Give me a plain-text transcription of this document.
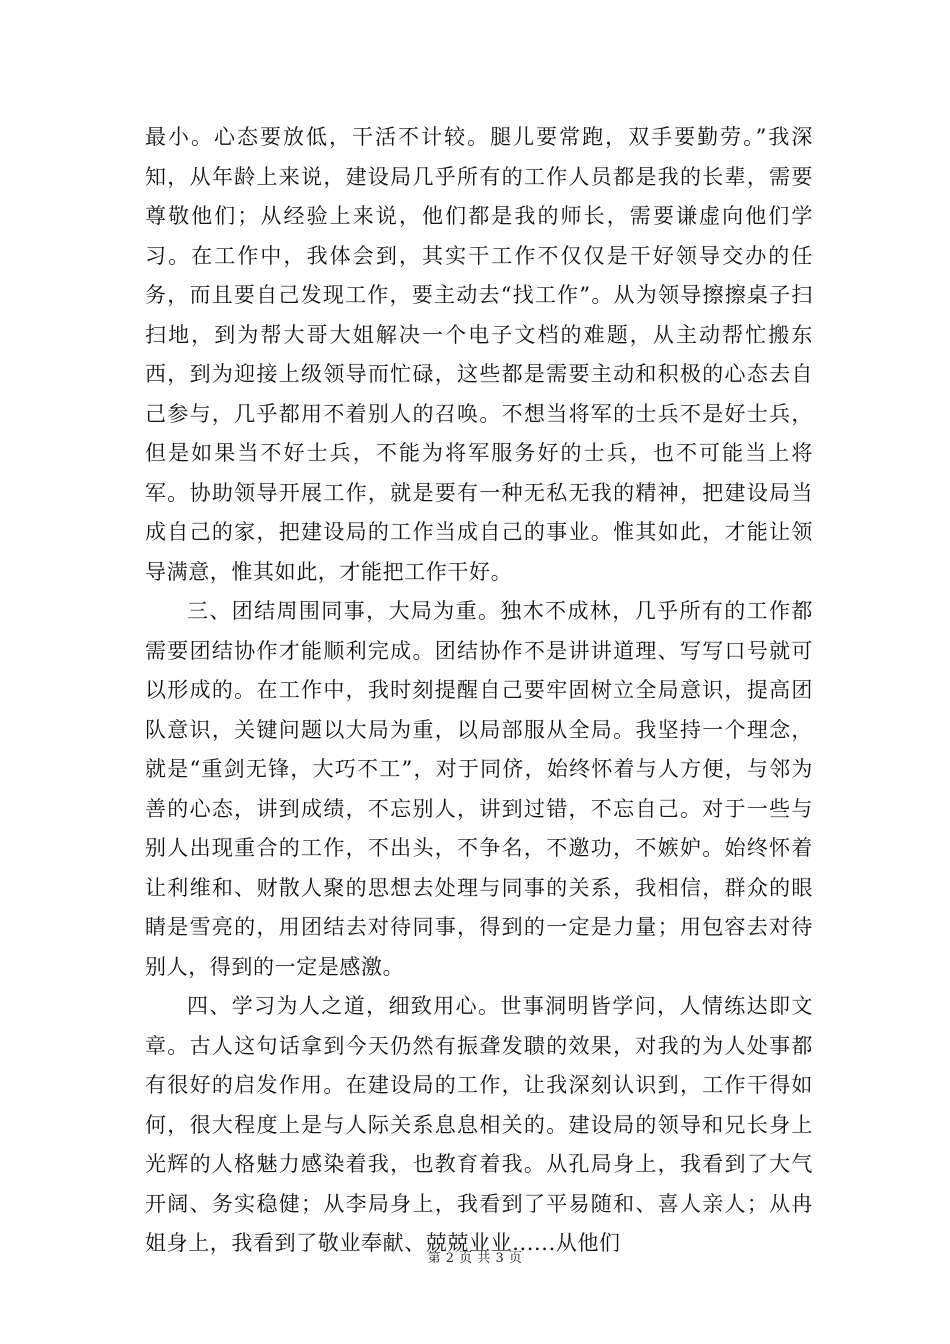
最小。心态要放低，干活不计较。腿儿要常跑，双手要勤劳。”我深知，从年龄上来说，建设局几乎所有的工作人员都是我的长辈，需要尊敬他们；从经验上来说，他们都是我的师长，需要谦虚向他们学习。在工作中，我体会到，其实干工作不仅仅是干好领导交办的任务，而且要自己发现工作，要主动去“找工作”。从为领导擦擦桌子扫扫地，到为帮大哥大姐解决一个电子文档的难题，从主动帮忙搬东西，到为迎接上级领导而忙碌，这些都是需要主动和积极的心态去自己参与，几乎都用不着别人的召唤。不想当将军的士兵不是好士兵，但是如果当不好士兵，不能为将军服务好的士兵，也不可能当上将军。协助领导开展工作，就是要有一种无私无我的精神，把建设局当成自己的家，把建设局的工作当成自己的事业。惟其如此，才能让领导满意，惟其如此，才能把工作干好。

三、团结周围同事，大局为重。独木不成林，几乎所有的工作都需要团结协作才能顺利完成。团结协作不是讲讲道理、写写口号就可以形成的。在工作中，我时刻提醒自己要牢固树立全局意识，提高团队意识，关键问题以大局为重，以局部服从全局。我坚持一个理念，就是“重剑无锋，大巧不工”，对于同侪，始终怀着与人方便，与邻为善的心态，讲到成绩，不忘别人，讲到过错，不忘自己。对于一些与别人出现重合的工作，不出头，不争名，不邀功，不嫉妒。始终怀着让利维和、财散人聚的思想去处理与同事的关系，我相信，群众的眼睛是雪亮的，用团结去对待同事，得到的一定是力量；用包容去对待别人，得到的一定是感激。

四、学习为人之道，细致用心。世事洞明皆学问，人情练达即文章。古人这句话拿到今天仍然有振聋发聩的效果，对我的为人处事都有很好的启发作用。在建设局的工作，让我深刻认识到，工作干得如何，很大程度上是与人际关系息息相关的。建设局的领导和兄长身上光辉的人格魅力感染着我，也教育着我。从孔局身上，我看到了大气开阔、务实稳健；从李局身上，我看到了平易随和、喜人亲人；从冉姐身上，我看到了敬业奉献、兢兢业业......从他们

第 2 页 共 3 页
